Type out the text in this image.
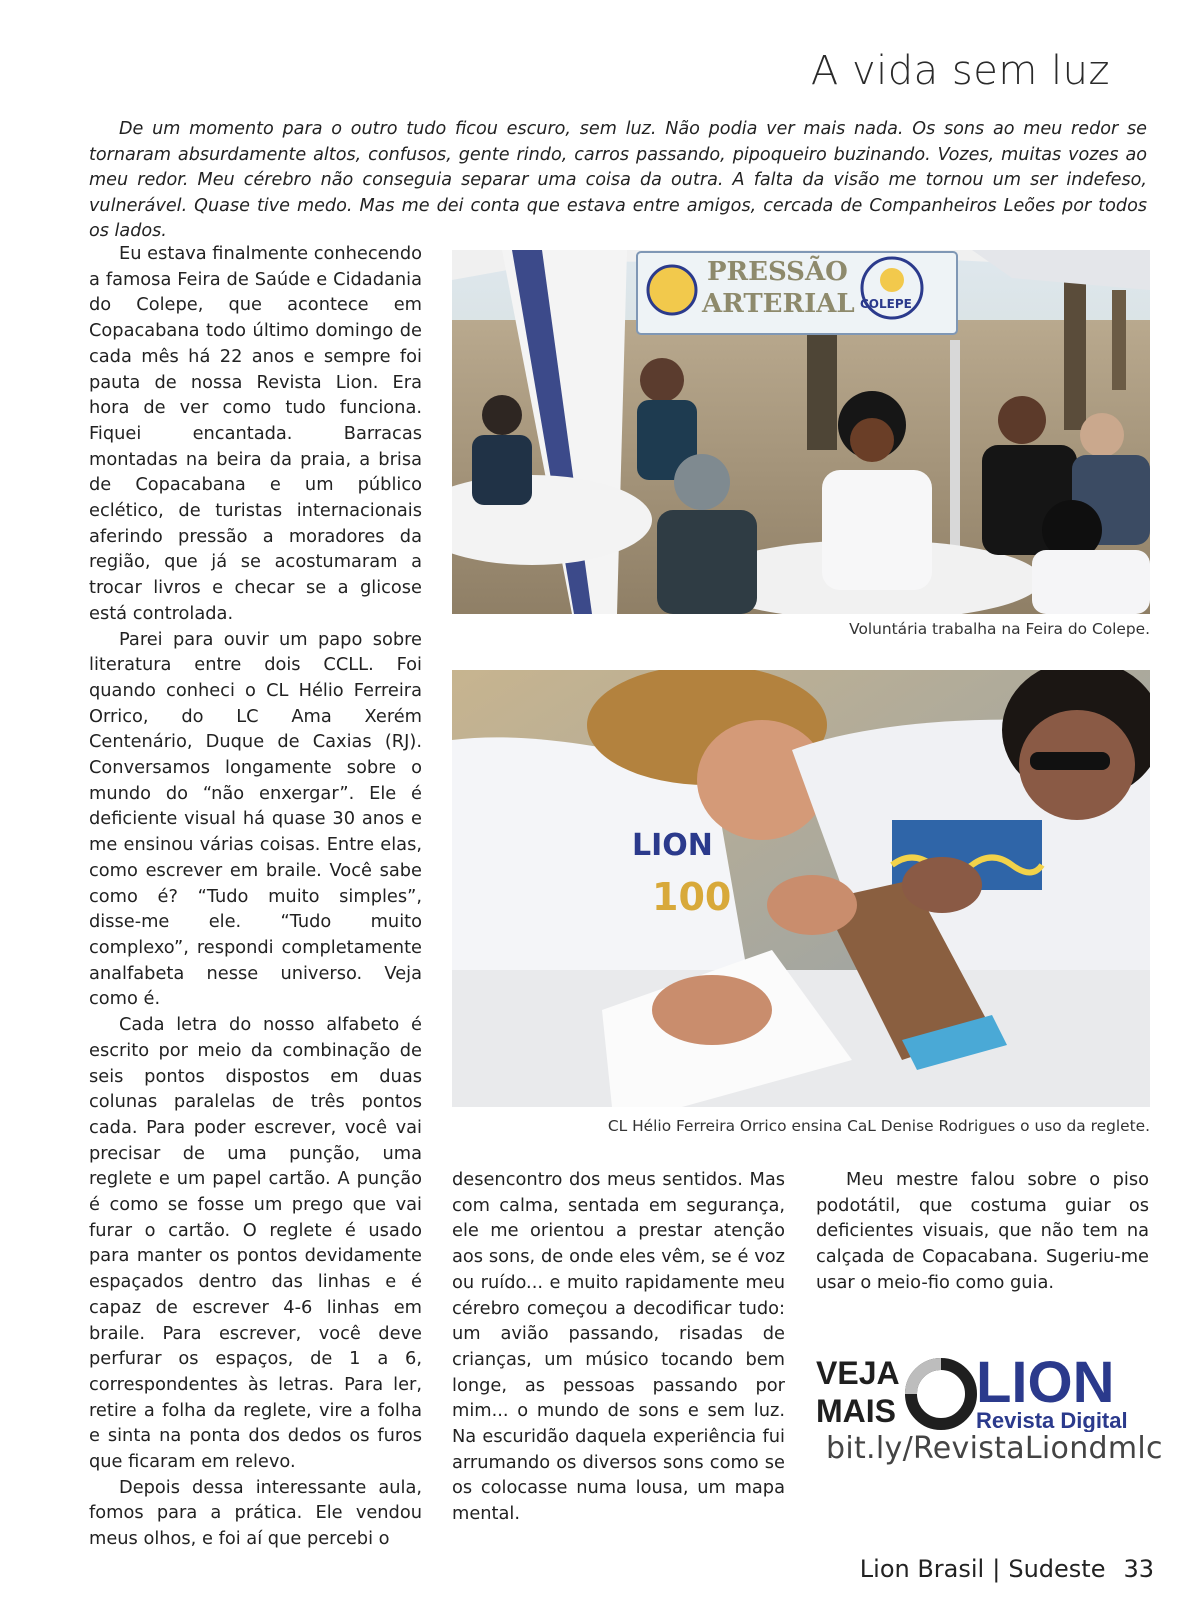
A vida sem luz

De um momento para o outro tudo ficou escuro, sem luz. Não podia ver mais nada. Os sons ao meu redor se tornaram absurdamente altos, confusos, gente rindo, carros passando, pipoqueiro buzinando. Vozes, muitas vozes ao meu redor. Meu cérebro não conseguia separar uma coisa da outra. A falta da visão me tornou um ser indefeso, vulnerável. Quase tive medo. Mas me dei conta que estava entre amigos, cercada de Companheiros Leões por todos os lados.

Eu estava finalmente conhecendo a famosa Feira de Saúde e Cidadania do Colepe, que acontece em Copacabana todo último domingo de cada mês há 22 anos e sempre foi pauta de nossa Revista Lion. Era hora de ver como tudo funciona. Fiquei encantada. Barracas montadas na beira da praia, a brisa de Copacabana e um público eclético, de turistas internacionais aferindo pressão a moradores da região, que já se acostumaram a trocar livros e checar se a glicose está controlada.

Parei para ouvir um papo sobre literatura entre dois CCLL. Foi quando conheci o CL Hélio Ferreira Orrico, do LC Ama Xerém Centenário, Duque de Caxias (RJ). Conversamos longamente sobre o mundo do “não enxergar”. Ele é deficiente visual há quase 30 anos e me ensinou várias coisas. Entre elas, como escrever em braile. Você sabe como é? “Tudo muito simples”, disse-me ele. “Tudo muito complexo”, respondi completamente analfabeta nesse universo. Veja como é.

Cada letra do nosso alfabeto é escrito por meio da combinação de seis pontos dispostos em duas colunas paralelas de três pontos cada. Para poder escrever, você vai precisar de uma punção, uma reglete e um papel cartão. A punção é como se fosse um prego que vai furar o cartão. O reglete é usado para manter os pontos devidamente espaçados dentro das linhas e é capaz de escrever 4-6 linhas em braile. Para escrever, você deve perfurar os espaços, de 1 a 6, correspondentes às letras. Para ler, retire a folha da reglete, vire a folha e sinta na ponta dos dedos os furos que ficaram em relevo.

Depois dessa interessante aula, fomos para a prática. Ele vendou meus olhos, e foi aí que percebi o

PRESSÃO
ARTERIAL COLEPE
Voluntária trabalha na Feira do Colepe.
LION
100
CL Hélio Ferreira Orrico ensina CaL Denise Rodrigues o uso da reglete.

desencontro dos meus sentidos. Mas com calma, sentada em segurança, ele me orientou a prestar atenção aos sons, de onde eles vêm, se é voz ou ruído... e muito rapidamente meu cérebro começou a decodificar tudo: um avião passando, risadas de crianças, um músico tocando bem longe, as pessoas passando por mim... o mundo de sons e sem luz. Na escuridão daquela experiência fui arrumando os diversos sons como se os colocasse numa lousa, um mapa mental.

Meu mestre falou sobre o piso podotátil, que costuma guiar os deficientes visuais, que não tem na calçada de Copacabana. Sugeriu-me usar o meio-fio como guia.

VEJA
MAIS LION
Revista Digital
bit.ly/RevistaLiondmlc
Lion Brasil | Sudeste 33
